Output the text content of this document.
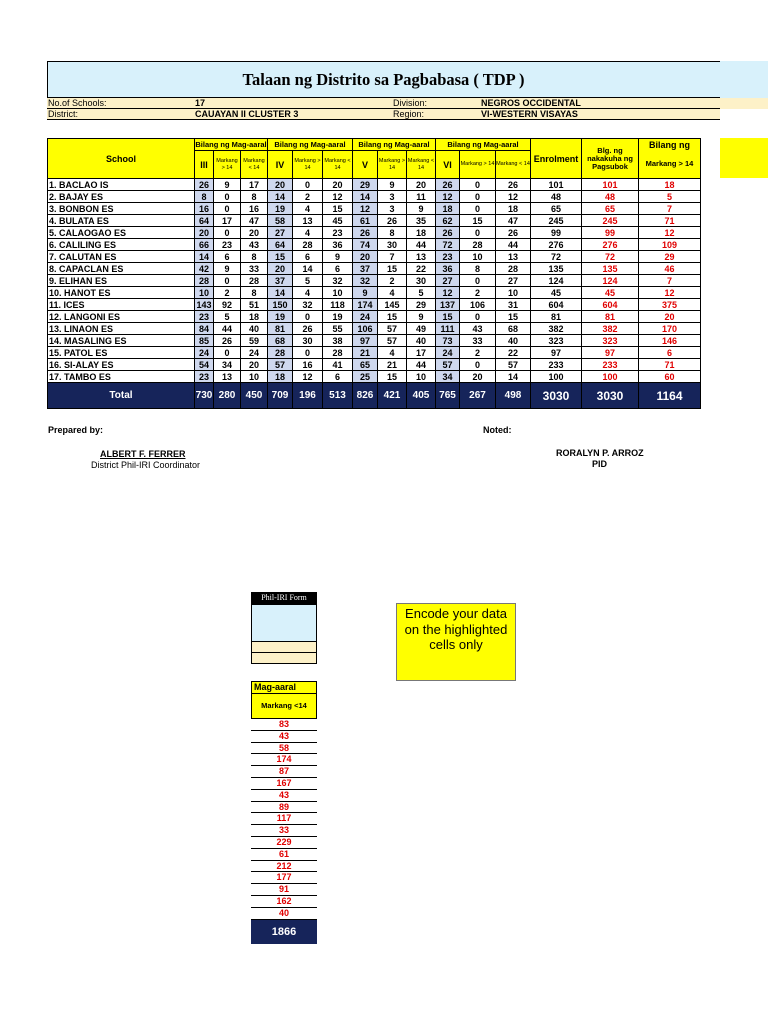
Talaan ng Distrito sa Pagbabasa ( TDP )
No.of Schools:	17	Division:	NEGROS OCCIDENTAL
District:	CAUAYAN II CLUSTER 3	Region:	VI-WESTERN VISAYAS
School	Bilang ng Mag-aaral			Bilang ng Mag-aaral			Bilang ng Mag-aaral			Bilang ng Mag-aaral			Enrolment	Blg. ng nakakuha ng Pagsubok	Bilang ng
	III	Markang > 14	Markang < 14	IV	Markang > 14	Markang < 14	V	Markang > 14	Markang < 14	VI	Markang > 14	Markang < 14			Markang > 14
1. BACLAO IS	26	9	17	20	0	20	29	9	20	26	0	26	101	101	18
2. BAJAY ES	8	0	8	14	2	12	14	3	11	12	0	12	48	48	5
3. BONBON ES	16	0	16	19	4	15	12	3	9	18	0	18	65	65	7
4. BULATA ES	64	17	47	58	13	45	61	26	35	62	15	47	245	245	71
5. CALAOGAO ES	20	0	20	27	4	23	26	8	18	26	0	26	99	99	12
6. CALILING ES	66	23	43	64	28	36	74	30	44	72	28	44	276	276	109
7. CALUTAN ES	14	6	8	15	6	9	20	7	13	23	10	13	72	72	29
8. CAPACLAN ES	42	9	33	20	14	6	37	15	22	36	8	28	135	135	46
9. ELIHAN ES	28	0	28	37	5	32	32	2	30	27	0	27	124	124	7
10. HANOT ES	10	2	8	14	4	10	9	4	5	12	2	10	45	45	12
11. ICES	143	92	51	150	32	118	174	145	29	137	106	31	604	604	375
12. LANGONI ES	23	5	18	19	0	19	24	15	9	15	0	15	81	81	20
13. LINAON ES	84	44	40	81	26	55	106	57	49	111	43	68	382	382	170
14. MASALING ES	85	26	59	68	30	38	97	57	40	73	33	40	323	323	146
15. PATOL ES	24	0	24	28	0	28	21	4	17	24	2	22	97	97	6
16. SI-ALAY ES	54	34	20	57	16	41	65	21	44	57	0	57	233	233	71
17. TAMBO ES	23	13	10	18	12	6	25	15	10	34	20	14	100	100	60
Total	730	280	450	709	196	513	826	421	405	765	267	498	3030	3030	1164
Prepared by:
ALBERT F. FERRER
District Phil-IRI Coordinator
Noted:
RORALYN P. ARROZ
PID
Phil-IRI Form
Mag-aaral
Markang <14
83
43
58
174
87
167
43
89
117
33
229
61
212
177
91
162
40
1866
Encode your data on the highlighted cells only
